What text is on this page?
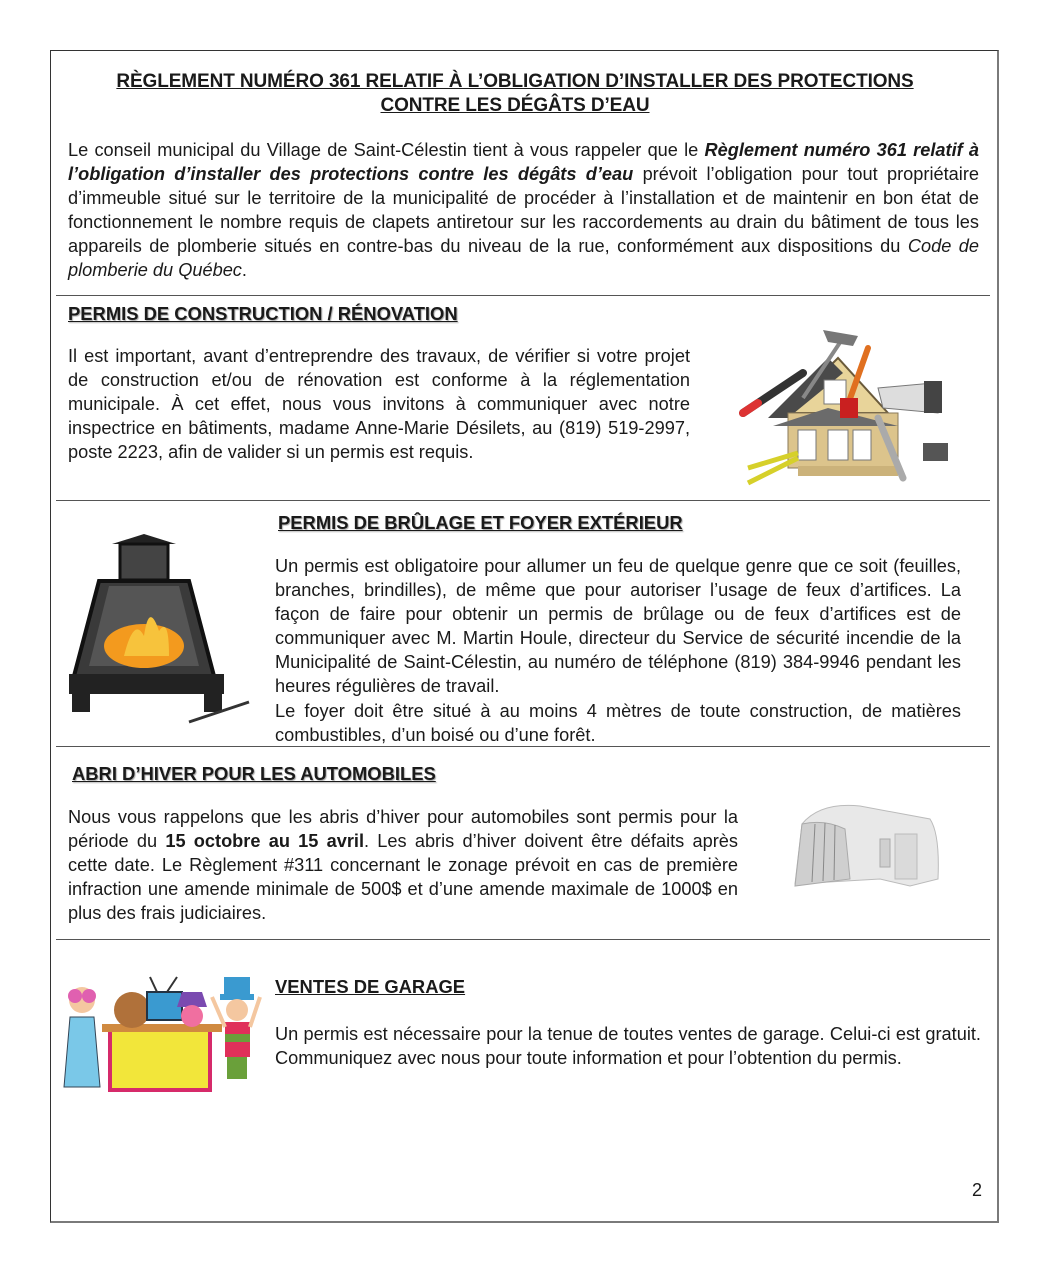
RÈGLEMENT NUMÉRO 361 RELATIF À L’OBLIGATION D’INSTALLER DES PROTECTIONS
CONTRE LES DÉGÂTS D’EAU
Le conseil municipal du Village de Saint-Célestin tient à vous rappeler que le Règlement numéro 361 relatif à l’obligation d’installer des protections contre les dégâts d’eau prévoit l’obligation pour tout propriétaire d’immeuble situé sur le territoire de la municipalité de procéder à l’installation et de maintenir en bon état de fonctionnement le nombre requis de clapets antiretour sur les raccordements au drain du bâtiment de tous les appareils de plomberie situés en contre-bas du niveau de la rue, conformément aux dispositions du Code de plomberie du Québec.
PERMIS DE CONSTRUCTION / RÉNOVATION
Il est important, avant d’entreprendre des travaux, de vérifier si votre projet de construction et/ou de rénovation est conforme à la réglementation municipale. À cet effet, nous vous invitons à communiquer avec notre inspectrice en bâtiments, madame Anne-Marie Désilets, au (819) 519-2997, poste 2223, afin de valider si un permis est requis.
PERMIS DE BRÛLAGE ET FOYER EXTÉRIEUR
Un permis est obligatoire pour allumer un feu de quelque genre que ce soit (feuilles, branches, brindilles), de même que pour autoriser l’usage de feux d’artifices. La façon de faire pour obtenir un permis de brûlage ou de feux d’artifices est de communiquer avec M. Martin Houle, directeur du Service de sécurité incendie de la Municipalité de Saint-Célestin, au numéro de téléphone (819) 384-9946 pendant les heures régulières de travail.
Le foyer doit être situé à au moins 4 mètres de toute construction, de matières combustibles, d’un boisé ou d’une forêt.
ABRI D’HIVER POUR LES AUTOMOBILES
Nous vous rappelons que les abris d’hiver pour automobiles sont permis pour la période du 15 octobre au 15 avril. Les abris d’hiver doivent être défaits après cette date. Le Règlement #311 concernant le zonage prévoit en cas de première infraction une amende minimale de 500$ et d’une amende maximale de 1000$ en plus des frais judiciaires.
VENTES DE GARAGE
Un permis est nécessaire pour la tenue de toutes ventes de garage. Celui-ci est gratuit. Communiquez avec nous pour toute information et pour l’obtention du permis.
2
